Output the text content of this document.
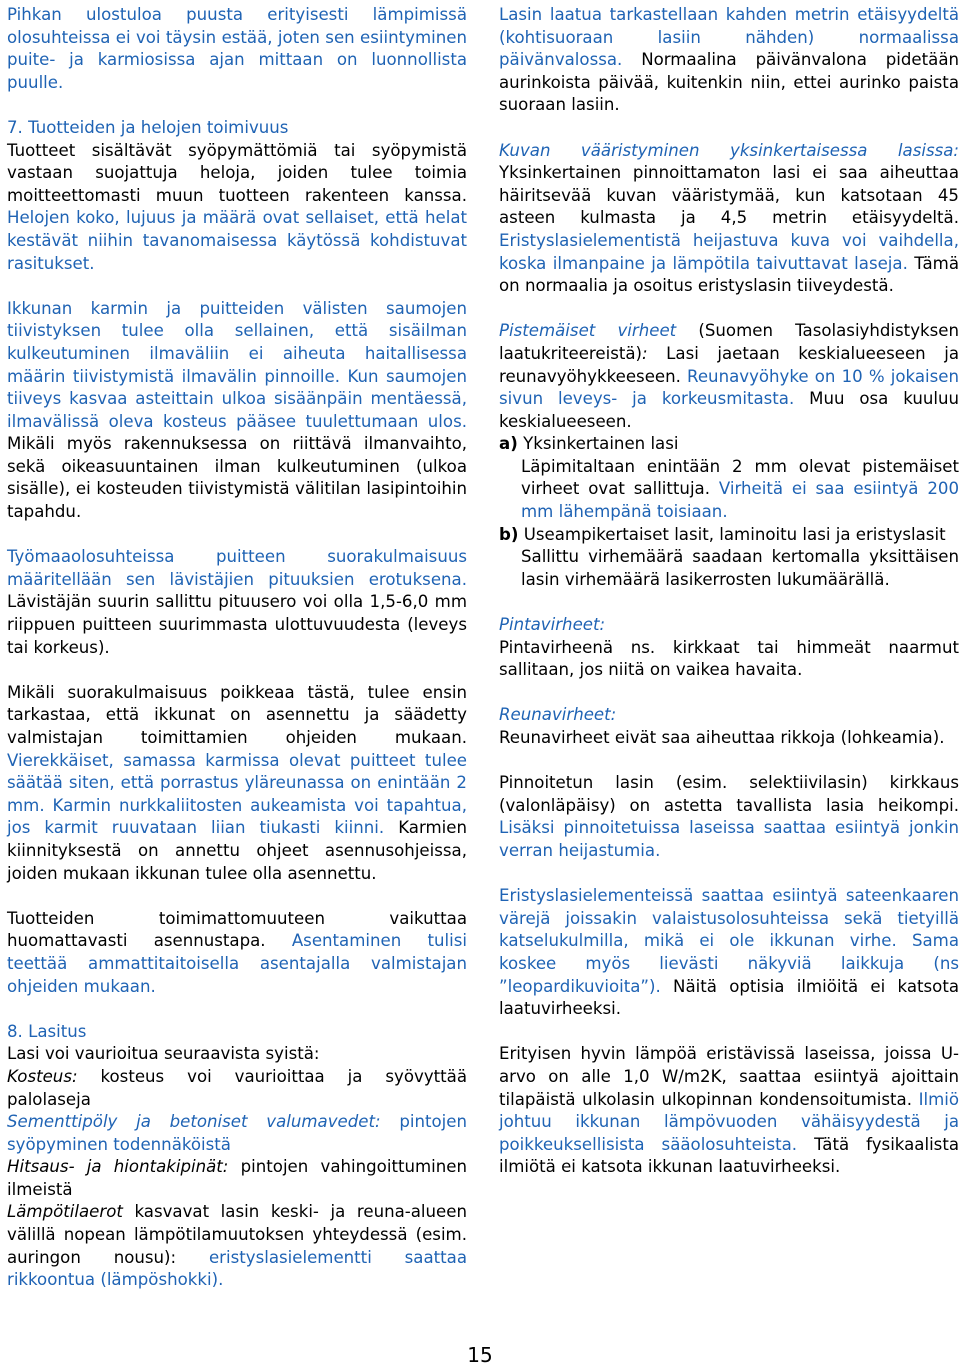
Pihkan ulostuloa puusta erityisesti lämpimissä olosuhteissa ei voi täysin estää, joten sen esiintyminen puite- ja karmiosissa ajan mittaan on luonnollista puulle.

7. Tuotteiden ja helojen toimivuus
Tuotteet sisältävät syöpymättömiä tai syöpymistä vastaan suojattuja heloja, joiden tulee toimia moitteettomasti muun tuotteen rakenteen kanssa. Helojen koko, lujuus ja määrä ovat sellaiset, että helat kestävät niihin tavanomaisessa käytössä kohdistuvat rasitukset.

Ikkunan karmin ja puitteiden välisten saumojen tiivistyksen tulee olla sellainen, että sisäilman kulkeutuminen ilmaväliin ei aiheuta haitallisessa määrin tiivistymistä ilmavälin pinnoille. Kun saumojen tiiveys kasvaa asteittain ulkoa sisäänpäin mentäessä, ilmavälissä oleva kosteus pääsee tuulettumaan ulos. Mikäli myös rakennuksessa on riittävä ilmanvaihto, sekä oikeasuuntainen ilman kulkeutuminen (ulkoa sisälle), ei kosteuden tiivistymistä välitilan lasipintoihin tapahdu.

Työmaaolosuhteissa puitteen suorakulmaisuus määritellään sen lävistäjien pituuksien erotuksena. Lävistäjän suurin sallittu pituusero voi olla 1,5-6,0 mm riippuen puitteen suurimmasta ulottuvuudesta (leveys tai korkeus).

Mikäli suorakulmaisuus poikkeaa tästä, tulee ensin tarkastaa, että ikkunat on asennettu ja säädetty valmistajan toimittamien ohjeiden mukaan. Vierekkäiset, samassa karmissa olevat puitteet tulee säätää siten, että porrastus yläreunassa on enintään 2 mm. Karmin nurkkaliitosten aukeamista voi tapahtua, jos karmit ruuvataan liian tiukasti kiinni. Karmien kiinnityksestä on annettu ohjeet asennusohjeissa, joiden mukaan ikkunan tulee olla asennettu.

Tuotteiden toimimattomuuteen vaikuttaa huomattavasti asennustapa. Asentaminen tulisi teettää ammattitaitoisella asentajalla valmistajan ohjeiden mukaan.

8. Lasitus
Lasi voi vaurioitua seuraavista syistä:
Kosteus: kosteus voi vaurioittaa ja syövyttää palolaseja
Sementtipöly ja betoniset valumavedet: pintojen syöpyminen todennäköistä
Hitsaus- ja hiontakipinät: pintojen vahingoittuminen ilmeistä
Lämpötilaerot kasvavat lasin keski- ja reuna-alueen välillä nopean lämpötilamuutoksen yhteydessä (esim. auringon nousu): eristyslasielementti saattaa rikkoontua (lämpöshokki).

Lasin laatua tarkastellaan kahden metrin etäisyydeltä (kohtisuoraan lasiin nähden) normaalissa päivänvalossa. Normaalina päivänvalona pidetään aurinkoista päivää, kuitenkin niin, ettei aurinko paista suoraan lasiin.

Kuvan vääristyminen yksinkertaisessa lasissa: Yksinkertainen pinnoittamaton lasi ei saa aiheuttaa häiritsevää kuvan vääristymää, kun katsotaan 45 asteen kulmasta ja 4,5 metrin etäisyydeltä. Eristyslasielementistä heijastuva kuva voi vaihdella, koska ilmanpaine ja lämpötila taivuttavat laseja. Tämä on normaalia ja osoitus eristyslasin tiiveydestä.

Pistemäiset virheet (Suomen Tasolasiyhdistyksen laatukriteereistä): Lasi jaetaan keskialueeseen ja reunavyöhykkeeseen. Reunavyöhyke on 10 % jokaisen sivun leveys- ja korkeusmitasta. Muu osa kuuluu keskialueeseen.
a) Yksinkertainen lasi
Läpimitaltaan enintään 2 mm olevat pistemäiset virheet ovat sallittuja. Virheitä ei saa esiintyä 200 mm lähempänä toisiaan.
b) Useampikertaiset lasit, laminoitu lasi ja eristyslasit
Sallittu virhemäärä saadaan kertomalla yksittäisen lasin virhemäärä lasikerrosten lukumäärällä.

Pintavirheet:
Pintavirheenä ns. kirkkaat tai himmeät naarmut sallitaan, jos niitä on vaikea havaita.

Reunavirheet:
Reunavirheet eivät saa aiheuttaa rikkoja (lohkeamia).

Pinnoitetun lasin (esim. selektiivilasin) kirkkaus (valonläpäisy) on astetta tavallista lasia heikompi. Lisäksi pinnoitetuissa laseissa saattaa esiintyä jonkin verran heijastumia.

Eristyslasielementeissä saattaa esiintyä sateenkaaren värejä joissakin valaistusolosuhteissa sekä tietyillä katselukulmilla, mikä ei ole ikkunan virhe. Sama koskee myös lievästi näkyviä laikkuja (ns ”leopardikuvioita”). Näitä optisia ilmiöitä ei katsota laatuvirheeksi.

Erityisen hyvin lämpöä eristävissä laseissa, joissa U-arvo on alle 1,0 W/m2K, saattaa esiintyä ajoittain tilapäistä ulkolasin ulkopinnan kondensoitumista. Ilmiö johtuu ikkunan lämpövuoden vähäisyydestä ja poikkeuksellisista sääolosuhteista. Tätä fysikaalista ilmiötä ei katsota ikkunan laatuvirheeksi.

15
